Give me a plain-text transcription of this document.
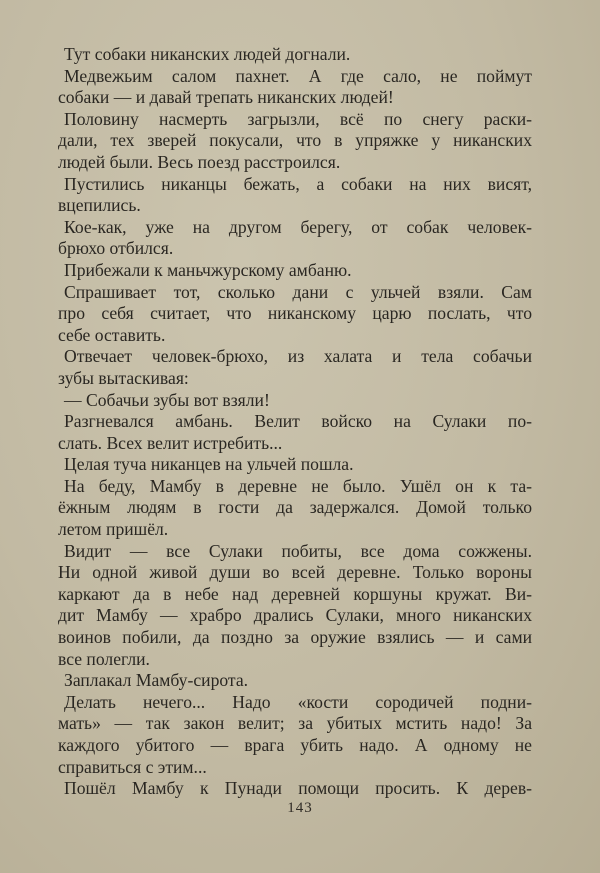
Тут собаки никанских людей догнали.
Медвежьим салом пахнет. А где сало, не поймут
собаки — и давай трепать никанских людей!
Половину насмерть загрызли, всё по снегу раски-
дали, тех зверей покусали, что в упряжке у никанских
людей были. Весь поезд расстроился.
Пустились никанцы бежать, а собаки на них висят,
вцепились.
Кое-как, уже на другом берегу, от собак человек-
брюхо отбился.
Прибежали к маньчжурскому амбаню.
Спрашивает тот, сколько дани с ульчей взяли. Сам
про себя считает, что никанскому царю послать, что
себе оставить.
Отвечает человек-брюхо, из халата и тела собачьи
зубы вытаскивая:
— Собачьи зубы вот взяли!
Разгневался амбань. Велит войско на Сулаки по-
слать. Всех велит истребить...
Целая туча никанцев на ульчей пошла.
На беду, Мамбу в деревне не было. Ушёл он к та-
ёжным людям в гости да задержался. Домой только
летом пришёл.
Видит — все Сулаки побиты, все дома сожжены.
Ни одной живой души во всей деревне. Только вороны
каркают да в небе над деревней коршуны кружат. Ви-
дит Мамбу — храбро дрались Сулаки, много никанских
воинов побили, да поздно за оружие взялись — и сами
все полегли.
Заплакал Мамбу-сирота.
Делать нечего... Надо «кости сородичей подни-
мать» — так закон велит; за убитых мстить надо! За
каждого убитого — врага убить надо. А одному не
справиться с этим...
Пошёл Мамбу к Пунади помощи просить. К дерев-
143
